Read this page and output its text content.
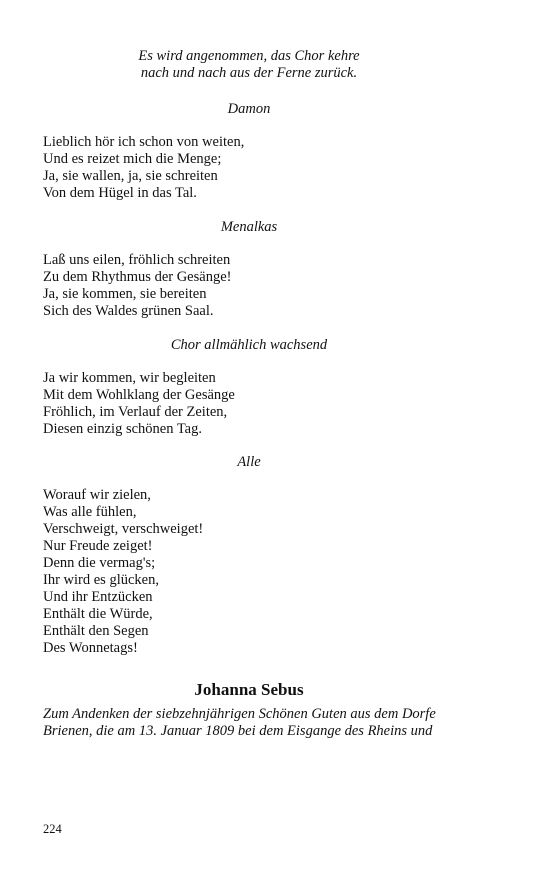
Es wird angenommen, das Chor kehre
nach und nach aus der Ferne zurück.
Damon
Lieblich hör ich schon von weiten,
Und es reizet mich die Menge;
Ja, sie wallen, ja, sie schreiten
Von dem Hügel in das Tal.
Menalkas
Laß uns eilen, fröhlich schreiten
Zu dem Rhythmus der Gesänge!
Ja, sie kommen, sie bereiten
Sich des Waldes grünen Saal.
Chor allmählich wachsend
Ja wir kommen, wir begleiten
Mit dem Wohlklang der Gesänge
Fröhlich, im Verlauf der Zeiten,
Diesen einzig schönen Tag.
Alle
Worauf wir zielen,
Was alle fühlen,
Verschweigt, verschweiget!
Nur Freude zeiget!
Denn die vermag's;
Ihr wird es glücken,
Und ihr Entzücken
Enthält die Würde,
Enthält den Segen
Des Wonnetags!
Johanna Sebus
Zum Andenken der siebzehnjährigen Schönen Guten aus dem Dorfe
Brienen, die am 13. Januar 1809 bei dem Eisgange des Rheins und
224
